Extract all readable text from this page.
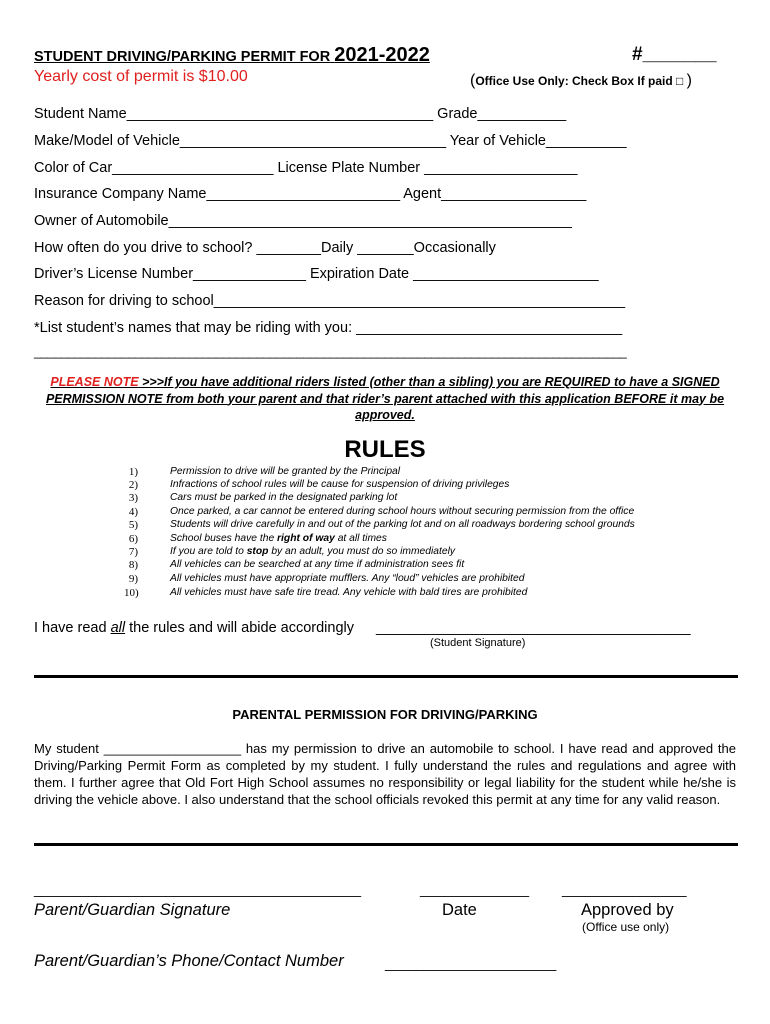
STUDENT DRIVING/PARKING PERMIT FOR 2021-2022	#_______
Yearly cost of permit is $10.00	(Office Use Only: Check Box If paid □ )
Student Name______________________________________ Grade___________
Make/Model of Vehicle_________________________________ Year of Vehicle__________
Color of Car____________________ License Plate Number ___________________
Insurance Company Name________________________ Agent__________________
Owner of Automobile__________________________________________________
How often do you drive to school? ________Daily _______Occasionally
Driver’s License Number______________ Expiration Date _______________________
Reason for driving to school___________________________________________________
*List student’s names that may be riding with you: _________________________________
________________________________________________________________________________________
PLEASE NOTE >>>If you have additional riders listed (other than a sibling) you are REQUIRED to have a SIGNED PERMISSION NOTE from both your parent and that rider’s parent attached with this application BEFORE it may be approved.
RULES
1)	Permission to drive will be granted by the Principal
2)	Infractions of school rules will be cause for suspension of driving privileges
3)	Cars must be parked in the designated parking lot
4)	Once parked, a car cannot be entered during school hours without securing permission from the office
5)	Students will drive carefully in and out of the parking lot and on all roadways bordering school grounds
6)	School buses have the right of way at all times
7)	If you are told to stop by an adult, you must do so immediately
8)	All vehicles can be searched at any time if administration sees fit
9)	All vehicles must have appropriate mufflers. Any “loud” vehicles are prohibited
10)	All vehicles must have safe tire tread. Any vehicle with bald tires are prohibited
I have read all the rules and will abide accordingly _______________________________________
(Student Signature)
PARENTAL PERMISSION FOR DRIVING/PARKING
My student ___________________ has my permission to drive an automobile to school. I have read and approved the Driving/Parking Permit Form as completed by my student. I fully understand the rules and regulations and agree with them. I further agree that Old Fort High School assumes no responsibility or legal liability for the student while he/she is driving the vehicle above. I also understand that the school officials revoked this permit at any time for any valid reason.
__________________________________________
Parent/Guardian Signature
______________
Date
________________
Approved by
(Office use only)
Parent/Guardian’s Phone/Contact Number	______________________
